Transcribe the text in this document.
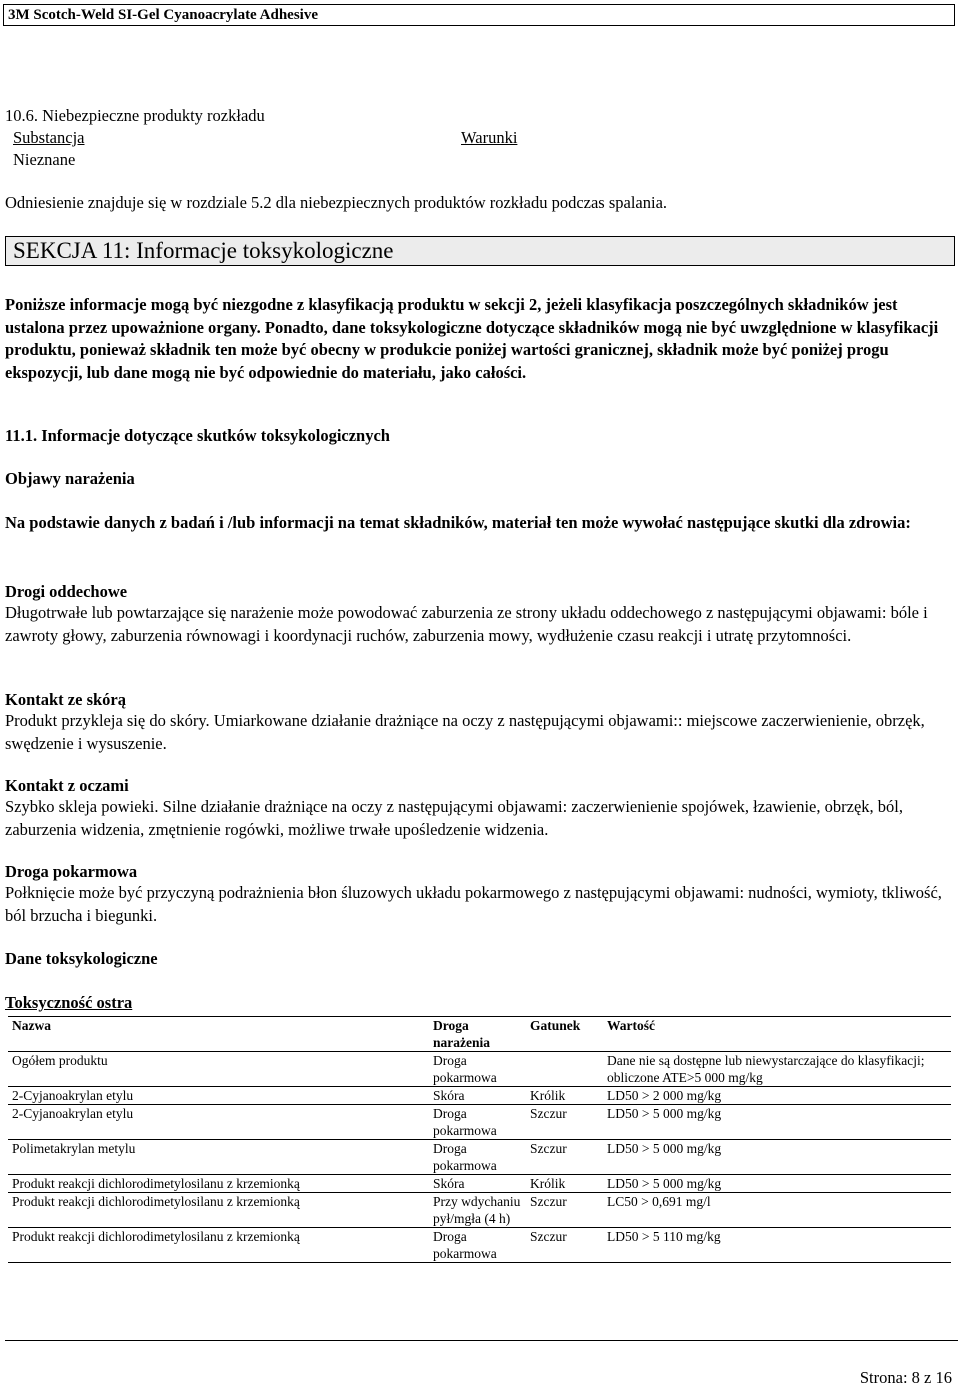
3M Scotch-Weld SI-Gel Cyanoacrylate Adhesive
10.6. Niebezpieczne produkty rozkładu
Substancja	Warunki
Nieznane
Odniesienie znajduje się w rozdziale 5.2 dla niebezpiecznych produktów rozkładu podczas spalania.
SEKCJA 11: Informacje toksykologiczne
Poniższe informacje mogą być niezgodne z klasyfikacją produktu w sekcji 2, jeżeli klasyfikacja poszczególnych składników jest ustalona przez upoważnione organy. Ponadto, dane toksykologiczne dotyczące składników mogą nie być uwzględnione w klasyfikacji produktu, ponieważ składnik ten może być obecny w produkcie poniżej wartości granicznej, składnik może być poniżej progu ekspozycji, lub dane mogą nie być odpowiednie do materiału, jako całości.
11.1. Informacje dotyczące skutków toksykologicznych
Objawy narażenia
Na podstawie danych z badań i /lub informacji na temat składników, materiał ten może wywołać następujące skutki dla zdrowia:
Drogi oddechowe
Długotrwałe lub powtarzające się narażenie może powodować zaburzenia ze strony układu oddechowego z następującymi objawami: bóle i zawroty głowy, zaburzenia równowagi i koordynacji ruchów, zaburzenia mowy, wydłużenie czasu reakcji i utratę przytomności.
Kontakt ze skórą
Produkt przykleja się do skóry. Umiarkowane działanie drażniące na oczy z następującymi objawami:: miejscowe zaczerwienienie, obrzęk, swędzenie i wysuszenie.
Kontakt z oczami
Szybko skleja powieki. Silne działanie drażniące na oczy z następującymi objawami: zaczerwienienie spojówek, łzawienie, obrzęk, ból, zaburzenia widzenia, zmętnienie rogówki, możliwe trwałe upośledzenie widzenia.
Droga pokarmowa
Połknięcie może być przyczyną podrażnienia błon śluzowych układu pokarmowego z następującymi objawami: nudności, wymioty, tkliwość, ból brzucha i biegunki.
Dane toksykologiczne
Toksyczność ostra
Nazwa	Droga narażenia	Gatunek	Wartość
Ogółem produktu	Droga pokarmowa		Dane nie są dostępne lub niewystarczające do klasyfikacji; obliczone ATE>5 000 mg/kg
2-Cyjanoakrylan etylu	Skóra	Królik	LD50 > 2 000 mg/kg
2-Cyjanoakrylan etylu	Droga pokarmowa	Szczur	LD50 > 5 000 mg/kg
Polimetakrylan metylu	Droga pokarmowa	Szczur	LD50 > 5 000 mg/kg
Produkt reakcji dichlorodimetylosilanu z krzemionką	Skóra	Królik	LD50 > 5 000 mg/kg
Produkt reakcji dichlorodimetylosilanu z krzemionką	Przy wdychaniu pył/mgła (4 h)	Szczur	LC50 > 0,691 mg/l
Produkt reakcji dichlorodimetylosilanu z krzemionką	Droga pokarmowa	Szczur	LD50 > 5 110 mg/kg
Strona: 8 z 16
